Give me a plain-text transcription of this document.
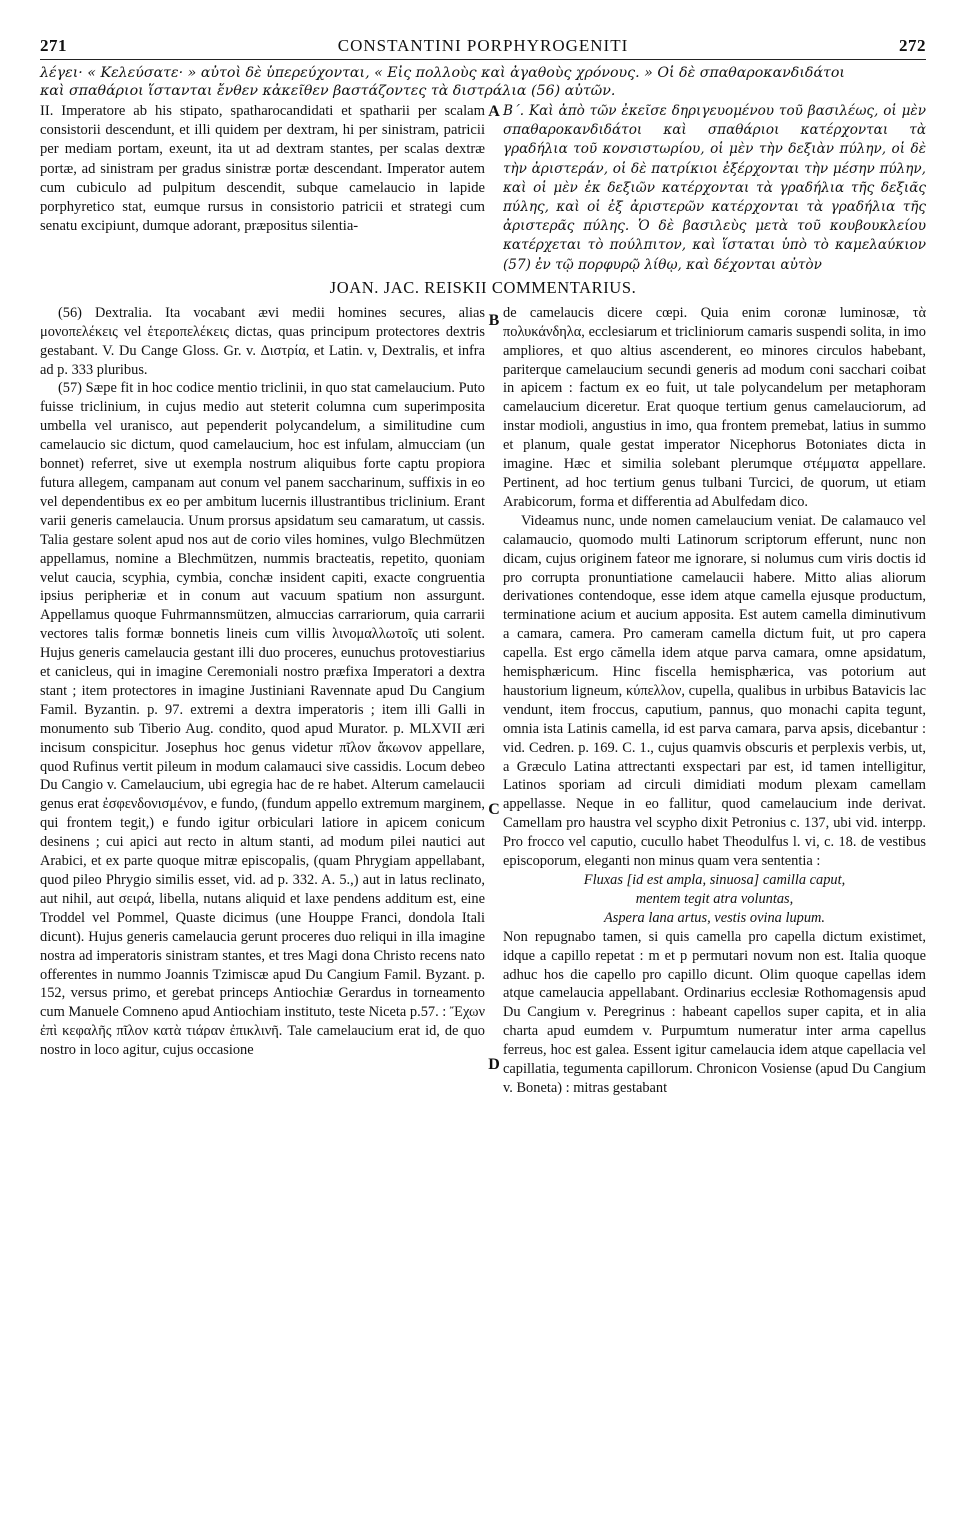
271	CONSTANTINI PORPHYROGENITI	272

λέγει· « Κελεύσατε· » αὐτοὶ δὲ ὑπερεύχονται, « Εἰς πολλοὺς καὶ ἀγαθοὺς χρόνους. » Οἱ δὲ σπαθαροκανδιδάτοι

καὶ σπαθάριοι ἵστανται ἔνθεν κἀκεῖθεν βαστάζοντες τὰ διστράλια (56) αὐτῶν.

II. Imperatore ab his stipato, spatharocandidati et spatharii per scalam consistorii descendunt, et illi quidem per dextram, hi per sinistram, patricii per mediam portam, exeunt, ita ut ad dextram stantes, per scalas dextræ portæ, ad sinistram per gradus sinistræ portæ descendant. Imperator autem cum cubiculo ad pulpitum descendit, subque camelaucio in lapide porphyretico stat, eumque rursus in consistorio patricii et strategi cum senatu excipiunt, dumque adorant, præpositus silentia-

A Β΄. Καὶ ἀπὸ τῶν ἐκεῖσε δηριγευομένου τοῦ βασιλέως, οἱ μὲν σπαθαροκανδιδάτοι καὶ σπαθάριοι κατέρχονται τὰ γραδήλια τοῦ κονσιστωρίου, οἱ μὲν τὴν δεξιὰν πύλην, οἱ δὲ τὴν ἀριστεράν, οἱ δὲ πατρίκιοι ἐξέρχονται τὴν μέσην πύλην, καὶ οἱ μὲν ἐκ δεξιῶν κατέρχονται τὰ γραδήλια τῆς δεξιᾶς πύλης, καὶ οἱ ἐξ ἀριστερῶν κατέρχονται τὰ γραδήλια τῆς ἀριστερᾶς πύλης. Ὁ δὲ βασιλεὺς μετὰ τοῦ κουβουκλείου κατέρχεται τὸ πούλπιτον, καὶ ἵσταται ὑπὸ τὸ καμελαύκιον (57) ἐν τῷ πορφυρῷ λίθῳ, καὶ δέχονται αὐτὸν

JOAN. JAC. REISKII COMMENTARIUS.

(56) Dextralia. Ita vocabant ævi medii homines secures, alias μονοπελέκεις vel ἑτεροπελέκεις dictas, quas principum protectores dextris gestabant. V. Du Cange Gloss. Gr. v. Διστρία, et Latin. v, Dextralis, et infra ad p. 333 pluribus.

(57) Sæpe fit in hoc codice mentio triclinii, in quo stat camelaucium. Puto fuisse triclinium, in cujus medio aut steterit columna cum superimposita umbella vel uranisco, aut pependerit polycandelum, a similitudine cum camelaucio sic dictum, quod camelaucium, hoc est infulam, almucciam (un bonnet) referret, sive ut exempla nostrum aliquibus forte captu propiora futura allegem, campanam aut conum vel panem saccharinum, suffixis in eo vel dependentibus ex eo per ambitum lucernis illustrantibus triclinium. Erant varii generis camelaucia. Unum prorsus apsidatum seu camaratum, ut cassis. Talia gestare solent apud nos aut de corio viles homines, vulgo Blechmützen appellamus, nomine a Blechmützen, nummis bracteatis, repetito, quoniam velut caucia, scyphia, cymbia, conchæ insident capiti, exacte congruentia ipsius peripheriæ et in conum aut vacuum spatium non assurgunt. Appellamus quoque Fuhrmannsmützen, almuccias carrariorum, quia carrarii vectores talis formæ bonnetis lineis cum villis λινομαλλωτοῖς uti solent. Hujus generis camelaucia gestant illi duo proceres, eunuchus protovestiarius et canicleus, qui in imagine Ceremoniali nostro præfixa Imperatori a dextra stant ; item protectores in imagine Justiniani Ravennate apud Du Cangium Famil. Byzantin. p. 97. extremi a dextra imperatoris ; item illi Galli in monumento sub Tiberio Aug. condito, quod apud Murator. p. MLXVII æri incisum conspicitur. Josephus hoc genus videtur πῖλον ἄκωνον appellare, quod Rufinus vertit pileum in modum calamauci sive cassidis. Locum debeo Du Cangio v. Camelaucium, ubi egregia hac de re habet. Alterum camelaucii genus erat ἐσφενδονισμένον, e fundo, (fundum appello extremum marginem, qui frontem tegit,) e fundo igitur orbiculari latiore in apicem conicum desinens ; cui apici aut recto in altum stanti, ad modum pilei nautici aut Arabici, et ex parte quoque mitræ episcopalis, (quam Phrygiam appellabant, quod pileo Phrygio similis esset, vid. ad p. 332. A. 5.,) aut in latus reclinato, aut nihil, aut σειρά, libella, nutans aliquid et laxe pendens additum est, eine Troddel vel Pommel, Quaste dicimus (une Houppe Franci, dondola Itali dicunt). Hujus generis camelaucia gerunt proceres duo reliqui in illa imagine nostra ad imperatoris sinistram stantes, et tres Magi dona Christo recens nato offerentes in nummo Joannis Tzimiscæ apud Du Cangium Famil. Byzant. p. 152, versus primo, et gerebat princeps Antiochiæ Gerardus in torneamento cum Manuele Comneno apud Antiochiam instituto, teste Niceta p.57. : Ἔχων ἐπὶ κεφαλῆς πῖλον κατὰ τιάραν ἐπικλινῆ. Tale camelaucium erat id, de quo nostro in loco agitur, cujus occasione

B
C
D

de camelaucis dicere cœpi. Quia enim coronæ luminosæ, τὰ πολυκάνδηλα, ecclesiarum et tricliniorum camaris suspendi solita, in imo ampliores, et quo altius ascenderent, eo minores circulos habebant, pariterque camelaucium secundi generis ad modum coni sacchari coibat in apicem : factum ex eo fuit, ut tale polycandelum per metaphoram camelaucium diceretur. Erat quoque tertium genus camelauciorum, ad instar modioli, angustius in imo, qua frontem premebat, latius in summo et planum, quale gestat imperator Nicephorus Botoniates dicta in imagine. Hæc et similia solebant plerumque στέμματα appellare. Pertinent, ad hoc tertium genus tulbani Turcici, de quorum, ut etiam Arabicorum, forma et differentia ad Abulfedam dico.

Videamus nunc, unde nomen camelaucium veniat. De calamauco vel calamaucio, quomodo multi Latinorum scriptorum efferunt, nunc non dicam, cujus originem fateor me ignorare, si nolumus cum viris doctis id pro corrupta pronuntiatione camelaucii habere. Mitto alias aliorum derivationes contendoque, esse idem atque camella ejusque productum, terminatione acium et aucium apposita. Est autem camella diminutivum a camara, camera. Pro cameram camella dictum fuit, ut pro capera capella. Est ergo cămella idem atque parva camara, omne apsidatum, hemisphæricum. Hinc fiscella hemisphærica, vas potorium aut haustorium ligneum, κύπελλον, cupella, qualibus in urbibus Batavicis lac vendunt, item froccus, caputium, pannus, quo monachi capita tegunt, omnia ista Latinis camella, id est parva camara, parva apsis, dicebantur : vid. Cedren. p. 169. C. 1., cujus quamvis obscuris et perplexis verbis, ut, a Græculo Latina attrectanti exspectari par est, id tamen intelligitur, Latinos sporiam ad circuli dimidiati modum plexam camellam appellasse. Neque in eo fallitur, quod camelaucium inde derivat. Camellam pro haustra vel scypho dixit Petronius c. 137, ubi vid. interpp. Pro frocco vel caputio, cucullo habet Theodulfus l. vi, c. 18. de vestibus episcoporum, eleganti non minus quam vera sententia :

Fluxas [id est ampla, sinuosa] camilla caput,

mentem tegit atra voluntas,

Aspera lana artus, vestis ovina lupum.

Non repugnabo tamen, si quis camella pro capella dictum existimet, idque a capillo repetat : m et p permutari novum non est. Italia quoque adhuc hos die capello pro capillo dicunt. Olim quoque capellas idem atque camelaucia appellabant. Ordinarius ecclesiæ Rothomagensis apud Du Cangium v. Peregrinus : habeant capellos super capita, et in alia charta apud eumdem v. Purpumtum numeratur inter arma capellus ferreus, hoc est galea. Essent igitur camelaucia idem atque capellacia vel capillatia, tegumenta capillorum. Chronicon Vosiense (apud Du Cangium v. Boneta) : mitras gestabant
